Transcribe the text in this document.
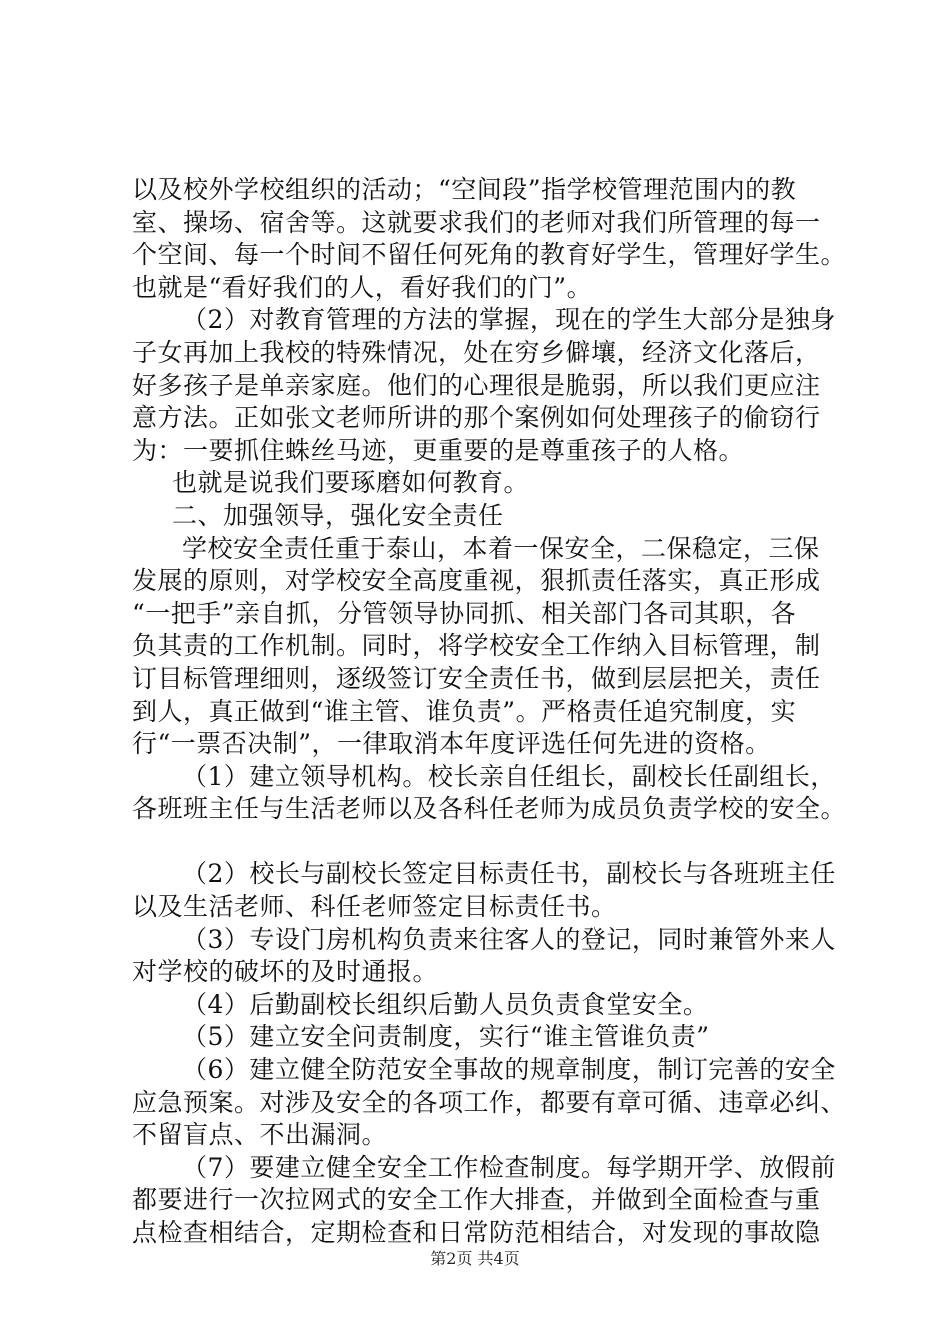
以及校外学校组织的活动；“空间段”指学校管理范围内的教
室、操场、宿舍等。这就要求我们的老师对我们所管理的每一
个空间、每一个时间不留任何死角的教育好学生，管理好学生。
也就是“看好我们的人，看好我们的门”。
（2）对教育管理的方法的掌握，现在的学生大部分是独身
子女再加上我校的特殊情况，处在穷乡僻壤，经济文化落后，
好多孩子是单亲家庭。他们的心理很是脆弱，所以我们更应注
意方法。正如张文老师所讲的那个案例如何处理孩子的偷窃行
为：一要抓住蛛丝马迹，更重要的是尊重孩子的人格。
也就是说我们要琢磨如何教育。
二、加强领导，强化安全责任
学校安全责任重于泰山，本着一保安全，二保稳定，三保
发展的原则，对学校安全高度重视，狠抓责任落实，真正形成
“一把手”亲自抓，分管领导协同抓、相关部门各司其职，各
负其责的工作机制。同时，将学校安全工作纳入目标管理，制
订目标管理细则，逐级签订安全责任书，做到层层把关，责任
到人，真正做到“谁主管、谁负责”。严格责任追究制度，实
行“一票否决制”，一律取消本年度评选任何先进的资格。
（1）建立领导机构。校长亲自任组长，副校长任副组长，
各班班主任与生活老师以及各科任老师为成员负责学校的安全。
（2）校长与副校长签定目标责任书，副校长与各班班主任
以及生活老师、科任老师签定目标责任书。
（3）专设门房机构负责来往客人的登记，同时兼管外来人
对学校的破坏的及时通报。
（4）后勤副校长组织后勤人员负责食堂安全。
（5）建立安全问责制度，实行“谁主管谁负责”
（6）建立健全防范安全事故的规章制度，制订完善的安全
应急预案。对涉及安全的各项工作，都要有章可循、违章必纠、
不留盲点、不出漏洞。
（7）要建立健全安全工作检查制度。每学期开学、放假前
都要进行一次拉网式的安全工作大排查，并做到全面检查与重
点检查相结合，定期检查和日常防范相结合，对发现的事故隐
第2页 共4页
